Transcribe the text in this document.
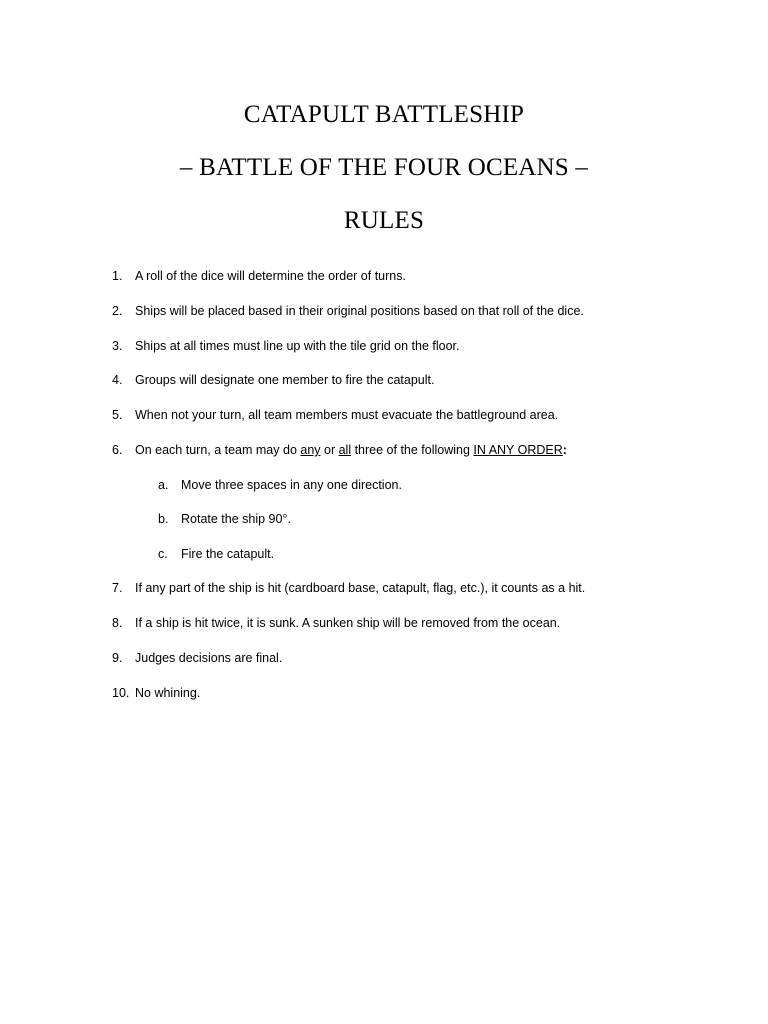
CATAPULT BATTLESHIP
– BATTLE OF THE FOUR OCEANS –
RULES
1.	A roll of the dice will determine the order of turns.
2.	Ships will be placed based in their original positions based on that roll of the dice.
3.	Ships at all times must line up with the tile grid on the floor.
4.	Groups will designate one member to fire the catapult.
5.	When not your turn, all team members must evacuate the battleground area.
6.	On each turn, a team may do any or all three of the following IN ANY ORDER:
a. Move three spaces in any one direction.
b. Rotate the ship 90°.
c. Fire the catapult.
7.	If any part of the ship is hit (cardboard base, catapult, flag, etc.), it counts as a hit.
8.	If a ship is hit twice, it is sunk. A sunken ship will be removed from the ocean.
9.	Judges decisions are final.
10. No whining.
